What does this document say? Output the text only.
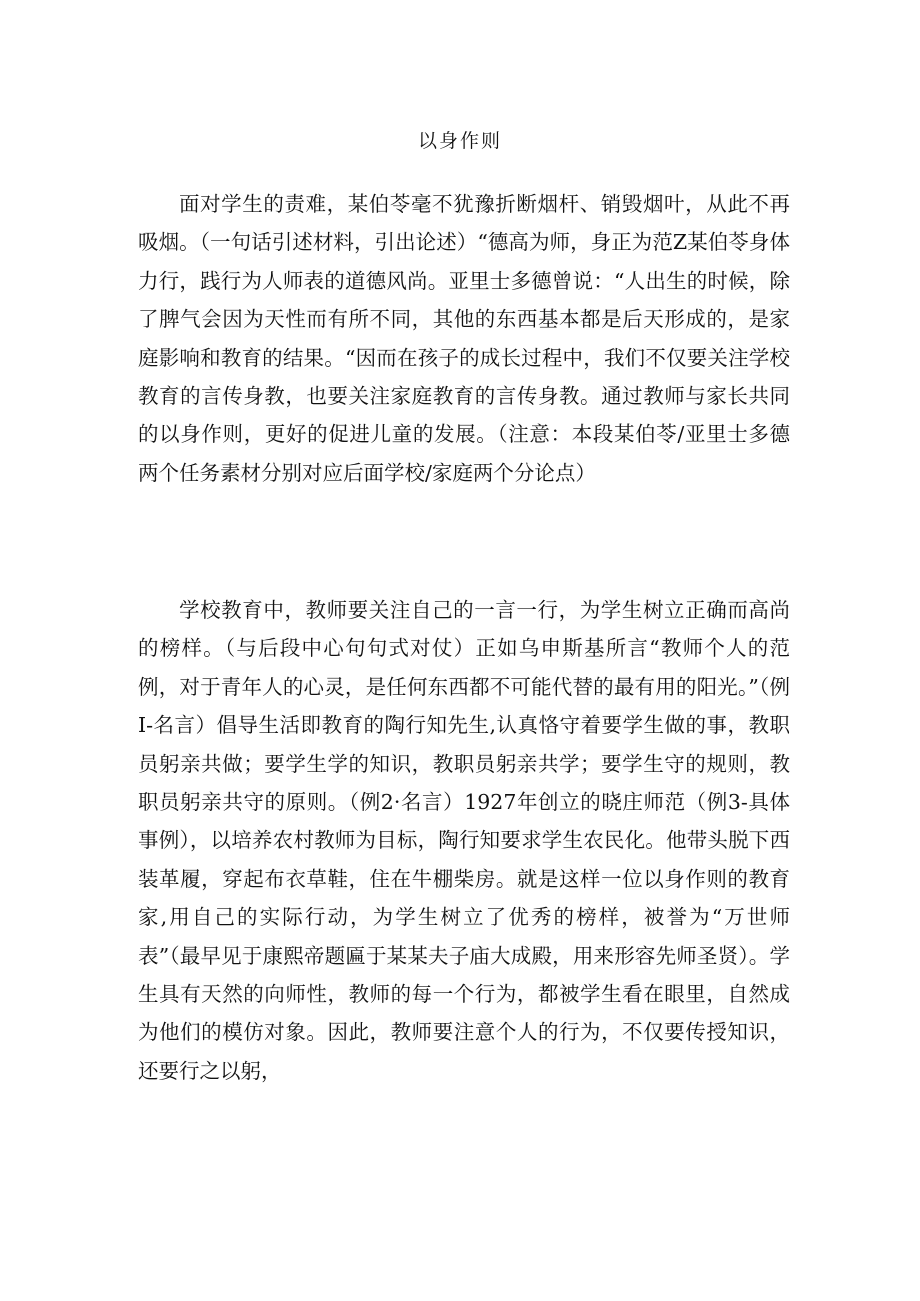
以身作则

面对学生的责难，某伯苓毫不犹豫折断烟杆、销毁烟叶，从此不再吸烟。（一句话引述材料，引出论述）“德高为师，身正为范Z某伯苓身体力行，践行为人师表的道德风尚。亚里士多德曾说：“人出生的时候，除了脾气会因为天性而有所不同，其他的东西基本都是后天形成的，是家庭影响和教育的结果。“因而在孩子的成长过程中，我们不仅要关注学校教育的言传身教，也要关注家庭教育的言传身教。通过教师与家长共同的以身作则，更好的促进儿童的发展。（注意：本段某伯苓/亚里士多德两个任务素材分别对应后面学校/家庭两个分论点）

学校教育中，教师要关注自己的一言一行，为学生树立正确而高尚的榜样。（与后段中心句句式对仗）正如乌申斯基所言“教师个人的范例，对于青年人的心灵，是任何东西都不可能代替的最有用的阳光。”（例I-名言）倡导生活即教育的陶行知先生,认真恪守着要学生做的事，教职员躬亲共做；要学生学的知识，教职员躬亲共学；要学生守的规则，教职员躬亲共守的原则。（例2·名言）1927年创立的晓庄师范（例3-具体事例），以培养农村教师为目标，陶行知要求学生农民化。他带头脱下西装革履，穿起布衣草鞋，住在牛棚柴房。就是这样一位以身作则的教育家,用自己的实际行动，为学生树立了优秀的榜样，被誉为“万世师表”（最早见于康熙帝题匾于某某夫子庙大成殿，用来形容先师圣贤）。学生具有天然的向师性，教师的每一个行为，都被学生看在眼里，自然成为他们的模仿对象。因此，教师要注意个人的行为，不仅要传授知识，还要行之以躬，
